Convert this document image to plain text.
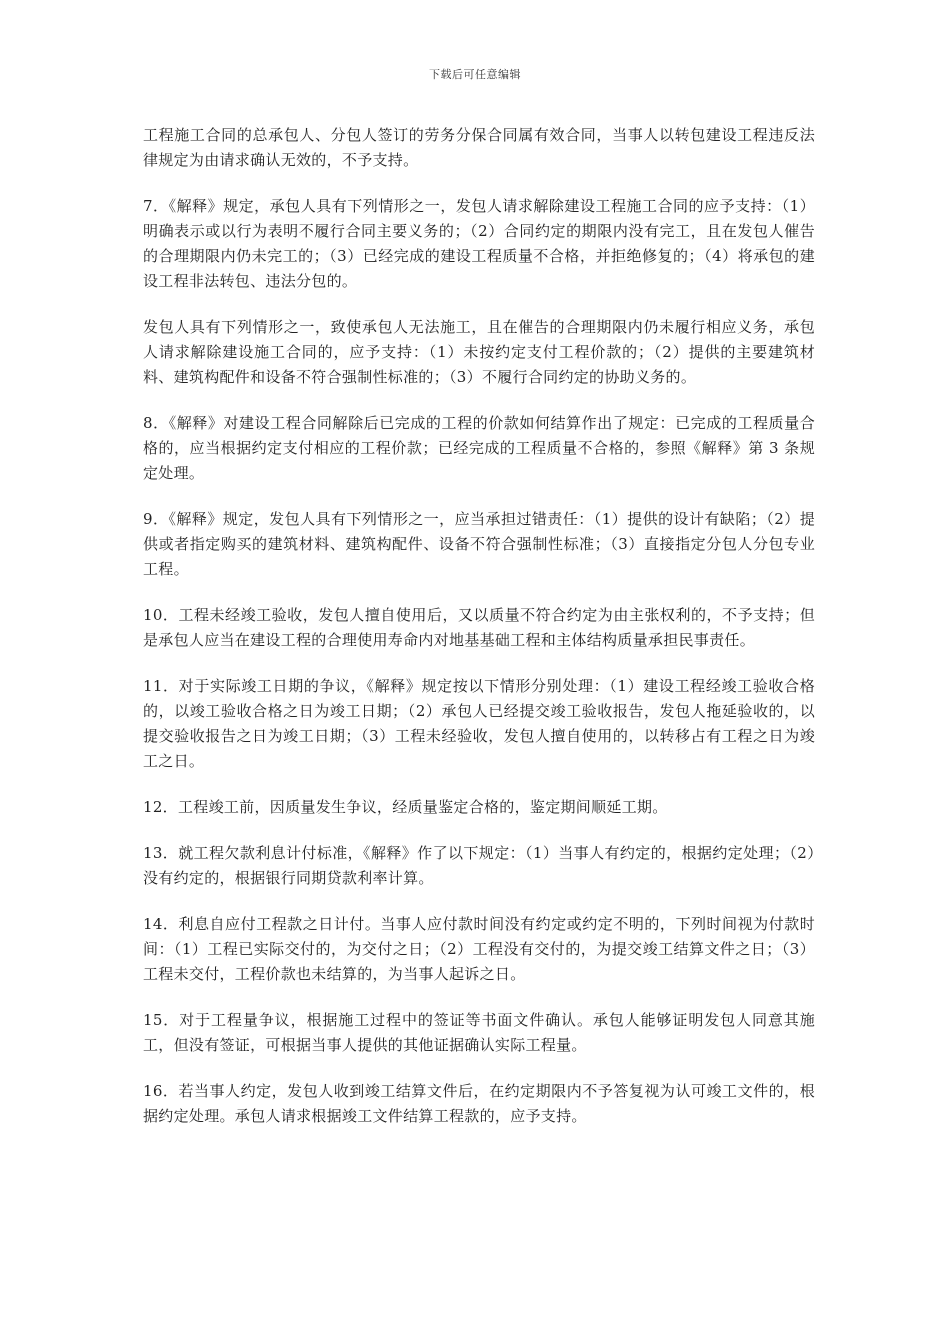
下载后可任意编辑

工程施工合同的总承包人、分包人签订的劳务分保合同属有效合同，当事人以转包建设工程违反法律规定为由请求确认无效的，不予支持。

7．《解释》规定，承包人具有下列情形之一，发包人请求解除建设工程施工合同的应予支持：（1）明确表示或以行为表明不履行合同主要义务的；（2）合同约定的期限内没有完工，且在发包人催告的合理期限内仍未完工的；（3）已经完成的建设工程质量不合格，并拒绝修复的；（4）将承包的建设工程非法转包、违法分包的。

发包人具有下列情形之一，致使承包人无法施工，且在催告的合理期限内仍未履行相应义务，承包人请求解除建设施工合同的，应予支持：（1）未按约定支付工程价款的；（2）提供的主要建筑材料、建筑构配件和设备不符合强制性标准的；（3）不履行合同约定的协助义务的。

8．《解释》对建设工程合同解除后已完成的工程的价款如何结算作出了规定：已完成的工程质量合格的，应当根据约定支付相应的工程价款；已经完成的工程质量不合格的，参照《解释》第 3 条规定处理。

9．《解释》规定，发包人具有下列情形之一，应当承担过错责任：（1）提供的设计有缺陷；（2）提供或者指定购买的建筑材料、建筑构配件、设备不符合强制性标准；（3）直接指定分包人分包专业工程。

10．工程未经竣工验收，发包人擅自使用后，又以质量不符合约定为由主张权利的，不予支持；但是承包人应当在建设工程的合理使用寿命内对地基基础工程和主体结构质量承担民事责任。

11．对于实际竣工日期的争议，《解释》规定按以下情形分别处理：（1）建设工程经竣工验收合格的，以竣工验收合格之日为竣工日期；（2）承包人已经提交竣工验收报告，发包人拖延验收的，以提交验收报告之日为竣工日期；（3）工程未经验收，发包人擅自使用的，以转移占有工程之日为竣工之日。

12．工程竣工前，因质量发生争议，经质量鉴定合格的，鉴定期间顺延工期。

13．就工程欠款利息计付标准，《解释》作了以下规定：（1）当事人有约定的，根据约定处理；（2）没有约定的，根据银行同期贷款利率计算。

14．利息自应付工程款之日计付。当事人应付款时间没有约定或约定不明的，下列时间视为付款时间：（1）工程已实际交付的，为交付之日；（2）工程没有交付的，为提交竣工结算文件之日；（3）工程未交付，工程价款也未结算的，为当事人起诉之日。

15．对于工程量争议，根据施工过程中的签证等书面文件确认。承包人能够证明发包人同意其施工，但没有签证，可根据当事人提供的其他证据确认实际工程量。

16．若当事人约定，发包人收到竣工结算文件后，在约定期限内不予答复视为认可竣工文件的，根据约定处理。承包人请求根据竣工文件结算工程款的，应予支持。
